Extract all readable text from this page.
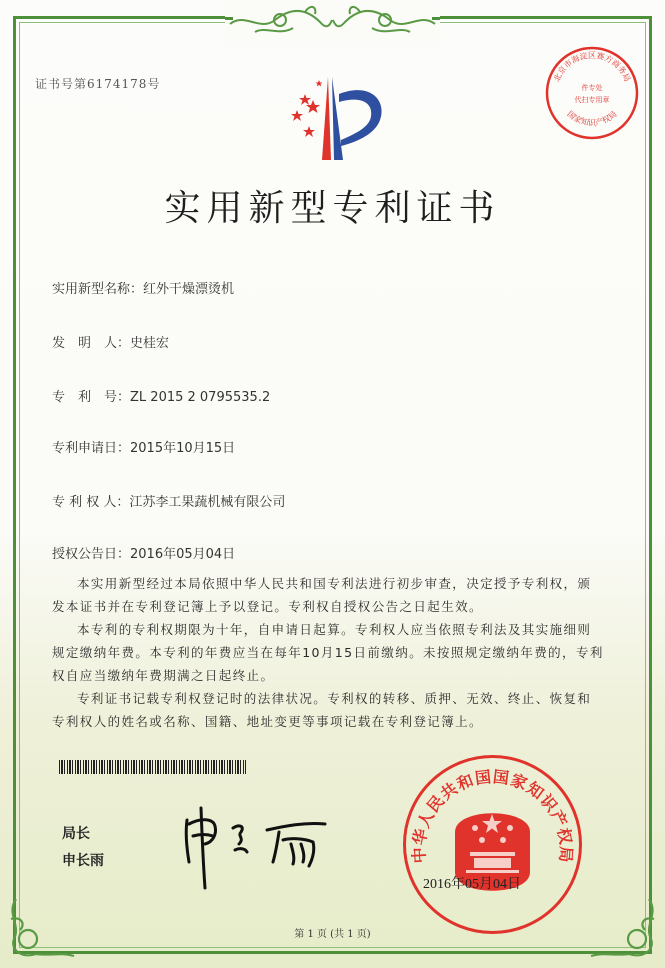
证书号第6174178号	北京市海淀区赛方商务局
国家知识产权局
件专处
代扫专用章
实用新型专利证书
实用新型名称：红外干燥漂烫机
发　明　人：史桂宏
专　利　号：ZL 2015 2 0795535.2
专利申请日：2015年10月15日
专 利 权 人：江苏李工果蔬机械有限公司
授权公告日：2016年05月04日

本实用新型经过本局依照中华人民共和国专利法进行初步审查，决定授予专利权，颁发本证书并在专利登记簿上予以登记。专利权自授权公告之日起生效。

本专利的专利权期限为十年，自申请日起算。专利权人应当依照专利法及其实施细则规定缴纳年费。本专利的年费应当在每年10月15日前缴纳。未按照规定缴纳年费的，专利权自应当缴纳年费期满之日起终止。

专利证书记载专利权登记时的法律状况。专利权的转移、质押、无效、终止、恢复和专利权人的姓名或名称、国籍、地址变更等事项记载在专利登记簿上。

局长
申长雨	中华人民共和国国家知识产权局
2016年05月04日
第 1 页 (共 1 页)
